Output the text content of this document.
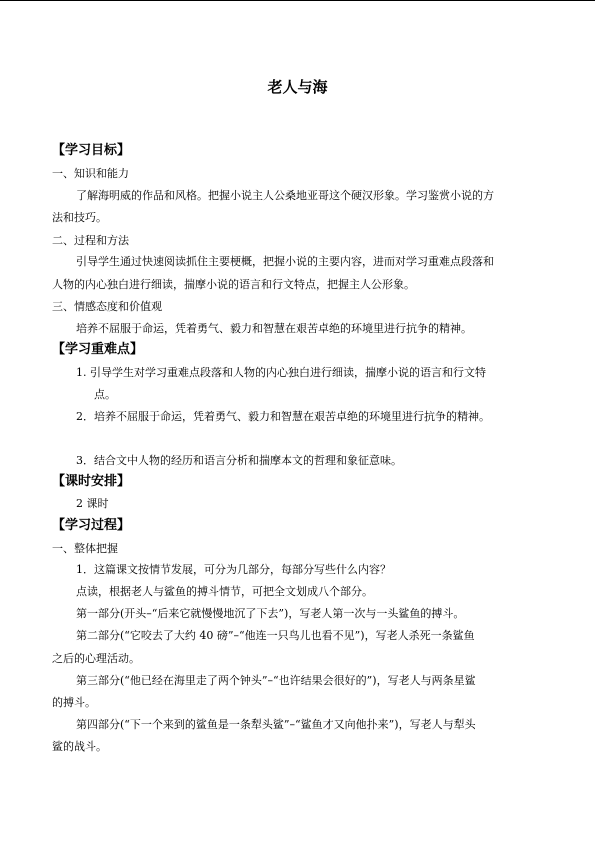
老人与海
【学习目标】

一、知识和能力

了解海明威的作品和风格。把握小说主人公桑地亚哥这个硬汉形象。学习鉴赏小说的方

法和技巧。

二、过程和方法

引导学生通过快速阅读抓住主要梗概，把握小说的主要内容，进而对学习重难点段落和

人物的内心独白进行细读，揣摩小说的语言和行文特点，把握主人公形象。

三、情感态度和价值观

培养不屈服于命运，凭着勇气、毅力和智慧在艰苦卓绝的环境里进行抗争的精神。

【学习重难点】

1. 引导学生对学习重难点段落和人物的内心独白进行细读，揣摩小说的语言和行文特

点。

2．培养不屈服于命运，凭着勇气、毅力和智慧在艰苦卓绝的环境里进行抗争的精神。

3．结合文中人物的经历和语言分析和揣摩本文的哲理和象征意味。

【课时安排】

2 课时

【学习过程】

一、整体把握

1．这篇课文按情节发展，可分为几部分，每部分写些什么内容？

点读，根据老人与鲨鱼的搏斗情节，可把全文划成八个部分。

第一部分(开头–“后来它就慢慢地沉了下去”)，写老人第一次与一头鲨鱼的搏斗。

第二部分(“它咬去了大约 40 磅”–“他连一只鸟儿也看不见”)，写老人杀死一条鲨鱼

之后的心理活动。

第三部分(“他已经在海里走了两个钟头”–“也许结果会很好的”)，写老人与两条星鲨

的搏斗。

第四部分(“下一个来到的鲨鱼是一条犁头鲨”–“鲨鱼才又向他扑来”)，写老人与犁头

鲨的战斗。
